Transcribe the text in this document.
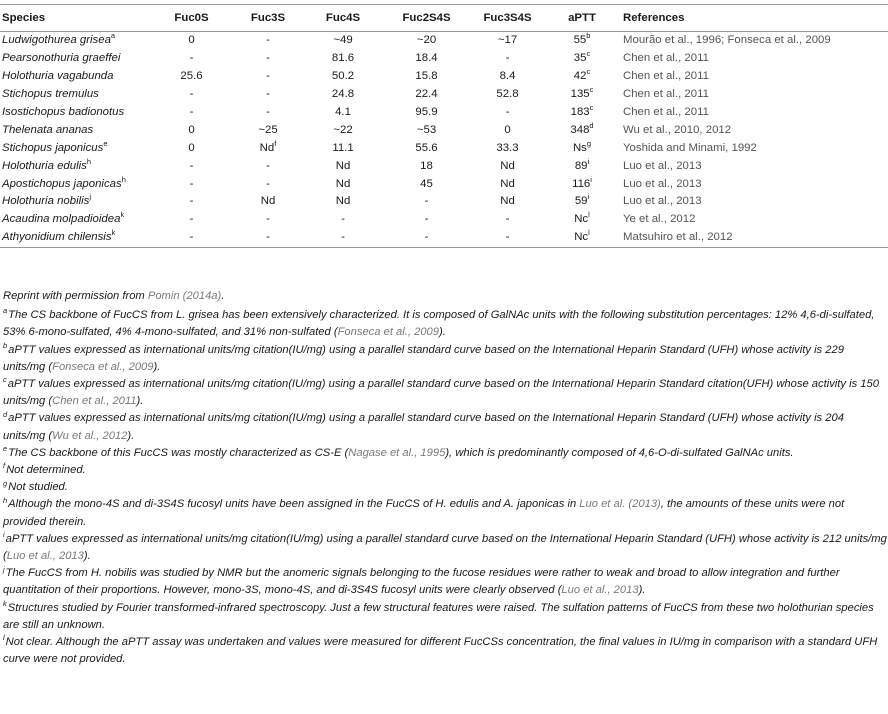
Species	Fuc0S	Fuc3S	Fuc4S	Fuc2S4S	Fuc3S4S	aPTT	References
Ludwigothurea grisea$^a$	0	-	~49	~20	~17	55$^b$	Mourão et al., 1996; Fonseca et al., 2009
Pearsonothuria graeffei	-	-	81.6	18.4	-	35$^c$	Chen et al., 2011
Holothuria vagabunda	25.6	-	50.2	15.8	8.4	42$^c$	Chen et al., 2011
Stichopus tremulus	-	-	24.8	22.4	52.8	135$^c$	Chen et al., 2011
Isostichopus badionotus	-	-	4.1	95.9	-	183$^c$	Chen et al., 2011
Thelenata ananas	0	~25	~22	~53	0	348$^d$	Wu et al., 2010, 2012
Stichopus japonicus$^e$	0	Nd$^f$	11.1	55.6	33.3	Ns$^g$	Yoshida and Minami, 1992
Holothuria edulis$^h$	-	-	Nd	18	Nd	89$^i$	Luo et al., 2013
Apostichopus japonicas$^h$	-	-	Nd	45	Nd	116$^i$	Luo et al., 2013
Holothuria nobilis$^j$	-	Nd	Nd	-	Nd	59$^i$	Luo et al., 2013
Acaudina molpadioidea$^k$	-	-	-	-	-	Nc$^l$	Ye et al., 2012
Athyonidium chilensis$^k$	-	-	-	-	-	Nc$^l$	Matsuhiro et al., 2012

Reprint with permission from Pomin (2014a).

$^a$The CS backbone of FucCS from L. grisea has been extensively characterized. It is composed of GalNAc units with the following substitution percentages: 12% 4,6-di-sulfated, 53% 6-mono-sulfated, 4% 4-mono-sulfated, and 31% non-sulfated (Fonseca et al., 2009).

$^b$aPTT values expressed as international units/mg citation(IU/mg) using a parallel standard curve based on the International Heparin Standard (UFH) whose activity is 229 units/mg (Fonseca et al., 2009).

$^c$aPTT values expressed as international units/mg citation(IU/mg) using a parallel standard curve based on the International Heparin Standard citation(UFH) whose activity is 150 units/mg (Chen et al., 2011).

$^d$aPTT values expressed as international units/mg citation(IU/mg) using a parallel standard curve based on the International Heparin Standard (UFH) whose activity is 204 units/mg (Wu et al., 2012).

$^e$The CS backbone of this FucCS was mostly characterized as CS-E (Nagase et al., 1995), which is predominantly composed of 4,6-O-di-sulfated GalNAc units.

$^f$Not determined.

$^g$Not studied.

$^h$Although the mono-4S and di-3S4S fucosyl units have been assigned in the FucCS of H. edulis and A. japonicas in Luo et al. (2013), the amounts of these units were not provided therein.

$^i$aPTT values expressed as international units/mg citation(IU/mg) using a parallel standard curve based on the International Heparin Standard (UFH) whose activity is 212 units/mg (Luo et al., 2013).

$^j$The FucCS from H. nobilis was studied by NMR but the anomeric signals belonging to the fucose residues were rather to weak and broad to allow integration and further quantitation of their proportions. However, mono-3S, mono-4S, and di-3S4S fucosyl units were clearly observed (Luo et al., 2013).

$^k$Structures studied by Fourier transformed-infrared spectroscopy. Just a few structural features were raised. The sulfation patterns of FucCS from these two holothurian species are still an unknown.

$^l$Not clear. Although the aPTT assay was undertaken and values were measured for different FucCSs concentration, the final values in IU/mg in comparison with a standard UFH curve were not provided.
